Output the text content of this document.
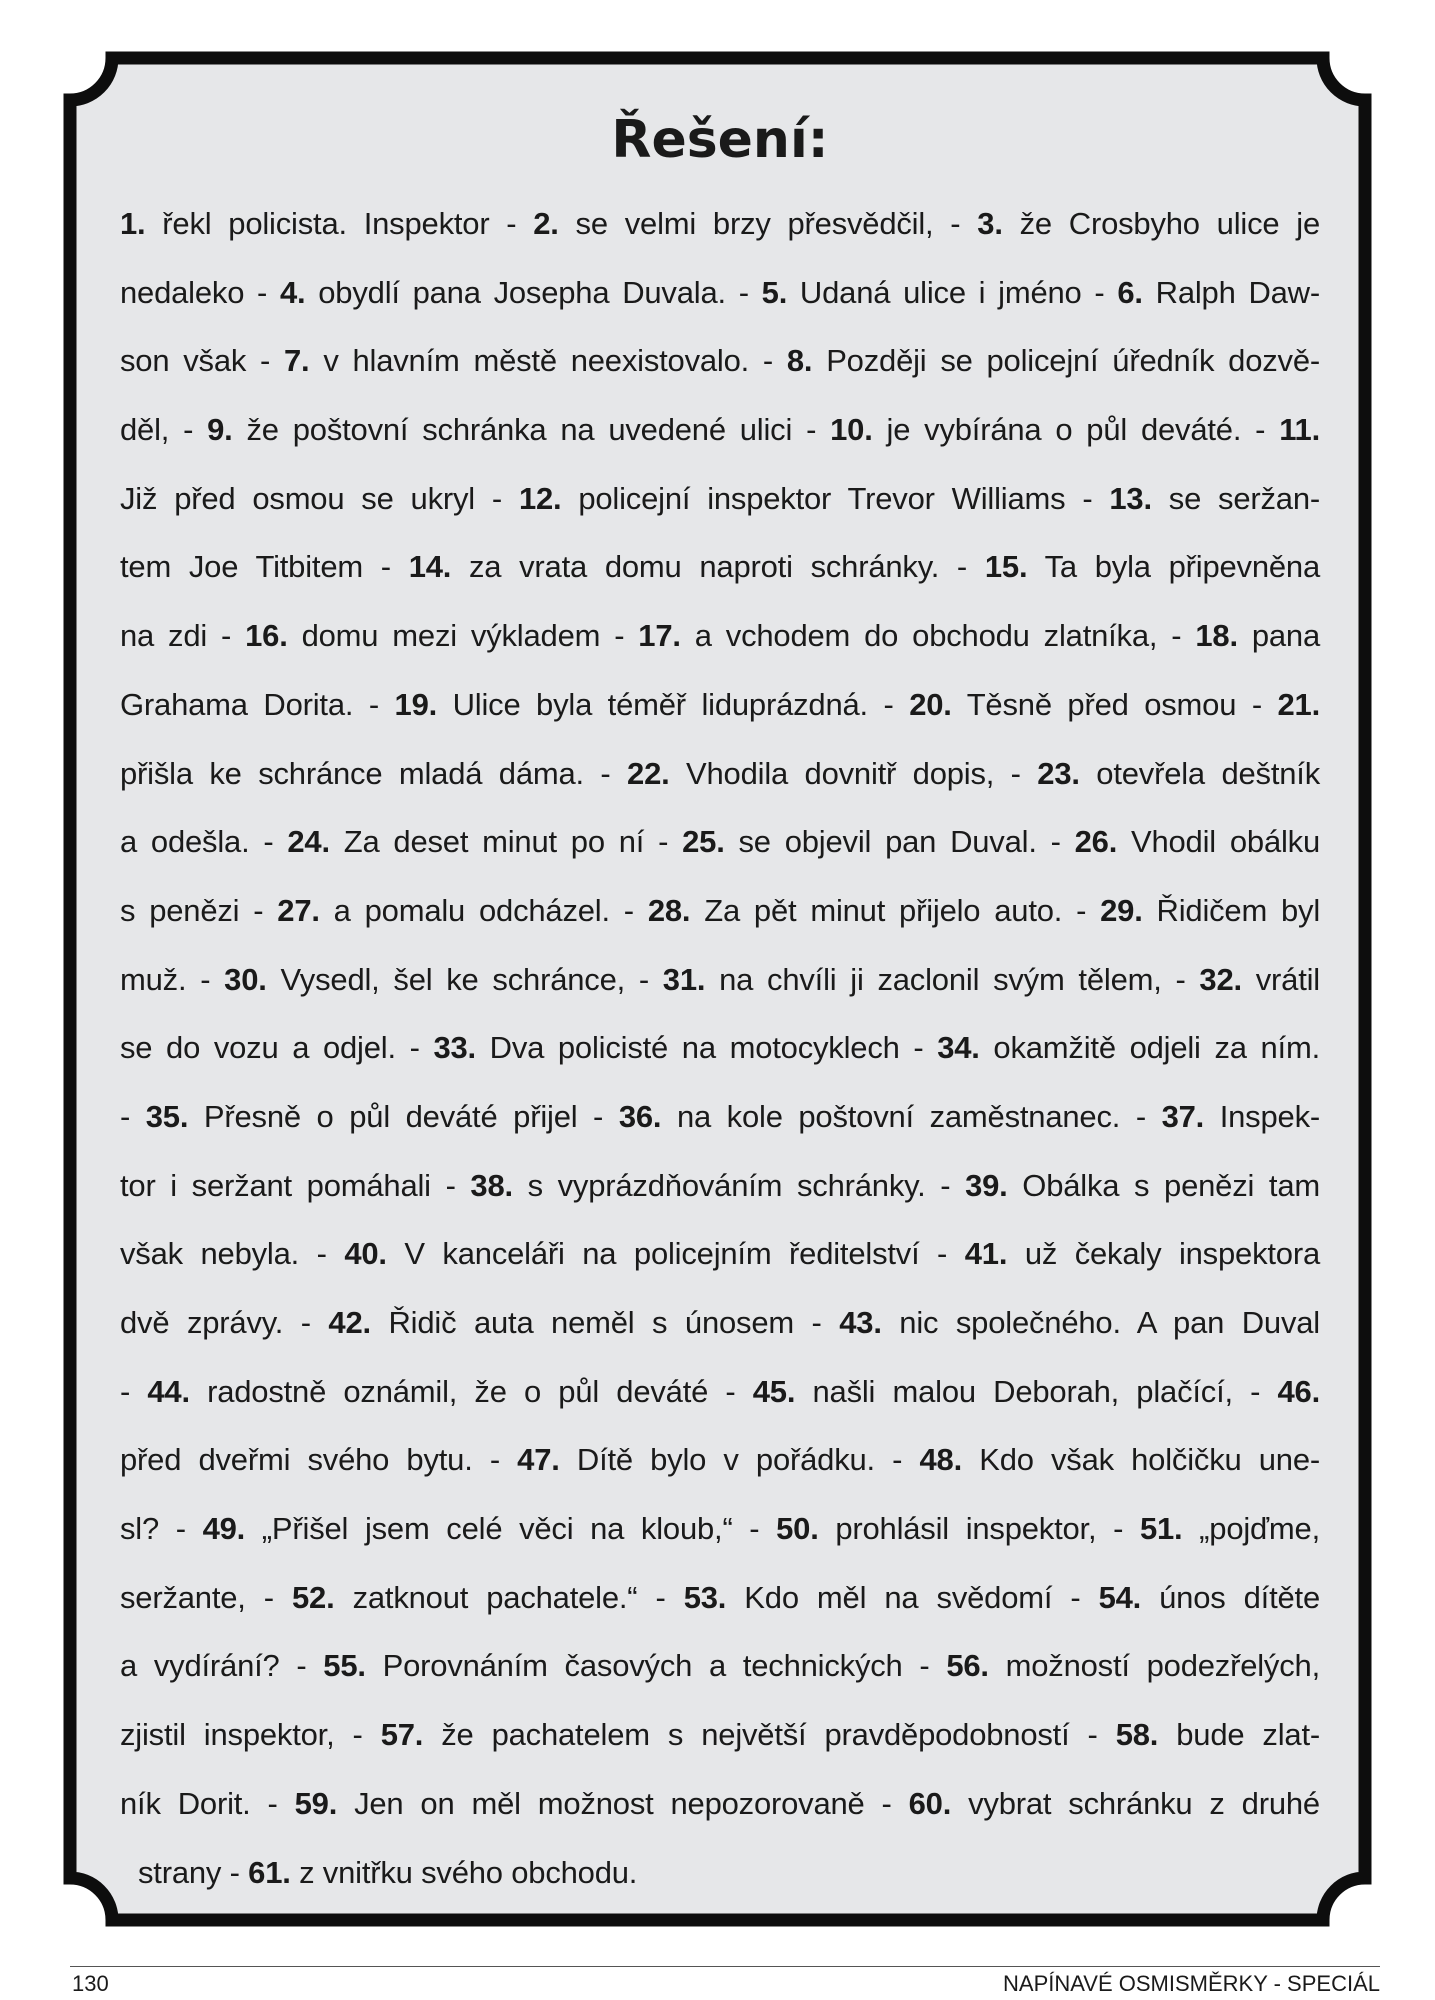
Řešení:
1. řekl policista. Inspektor - 2. se velmi brzy přesvědčil, - 3. že Crosbyho ulice je
nedaleko - 4. obydlí pana Josepha Duvala. - 5. Udaná ulice i jméno - 6. Ralph Daw-
son však - 7. v hlavním městě neexistovalo. - 8. Později se policejní úředník dozvě-
děl, - 9. že poštovní schránka na uvedené ulici - 10. je vybírána o půl deváté. - 11.
Již před osmou se ukryl - 12. policejní inspektor Trevor Williams - 13. se seržan-
tem Joe Titbitem - 14. za vrata domu naproti schránky. - 15. Ta byla připevněna
na zdi - 16. domu mezi výkladem - 17. a vchodem do obchodu zlatníka, - 18. pana
Grahama Dorita. - 19. Ulice byla téměř liduprázdná. - 20. Těsně před osmou - 21.
přišla ke schránce mladá dáma. - 22. Vhodila dovnitř dopis, - 23. otevřela deštník
a odešla. - 24. Za deset minut po ní - 25. se objevil pan Duval. - 26. Vhodil obálku
s penězi - 27. a pomalu odcházel. - 28. Za pět minut přijelo auto. - 29. Řidičem byl
muž. - 30. Vysedl, šel ke schránce, - 31. na chvíli ji zaclonil svým tělem, - 32. vrátil
se do vozu a odjel. - 33. Dva policisté na motocyklech - 34. okamžitě odjeli za ním.
- 35. Přesně o půl deváté přijel - 36. na kole poštovní zaměstnanec. - 37. Inspek-
tor i seržant pomáhali - 38. s vyprázdňováním schránky. - 39. Obálka s penězi tam
však nebyla. - 40. V kanceláři na policejním ředitelství - 41. už čekaly inspektora
dvě zprávy. - 42. Řidič auta neměl s únosem - 43. nic společného. A pan Duval
- 44. radostně oznámil, že o půl deváté - 45. našli malou Deborah, plačící, - 46.
před dveřmi svého bytu. - 47. Dítě bylo v pořádku. - 48. Kdo však holčičku une-
sl? - 49. „Přišel jsem celé věci na kloub,“ - 50. prohlásil inspektor, - 51. „pojďme,
seržante, - 52. zatknout pachatele.“ - 53. Kdo měl na svědomí - 54. únos dítěte
a vydírání? - 55. Porovnáním časových a technických - 56. možností podezřelých,
zjistil inspektor, - 57. že pachatelem s největší pravděpodobností - 58. bude zlat-
ník Dorit. - 59. Jen on měl možnost nepozorovaně - 60. vybrat schránku z druhé
strany - 61. z vnitřku svého obchodu.
130	NAPÍNAVÉ OSMISMĚRKY - SPECIÁL
